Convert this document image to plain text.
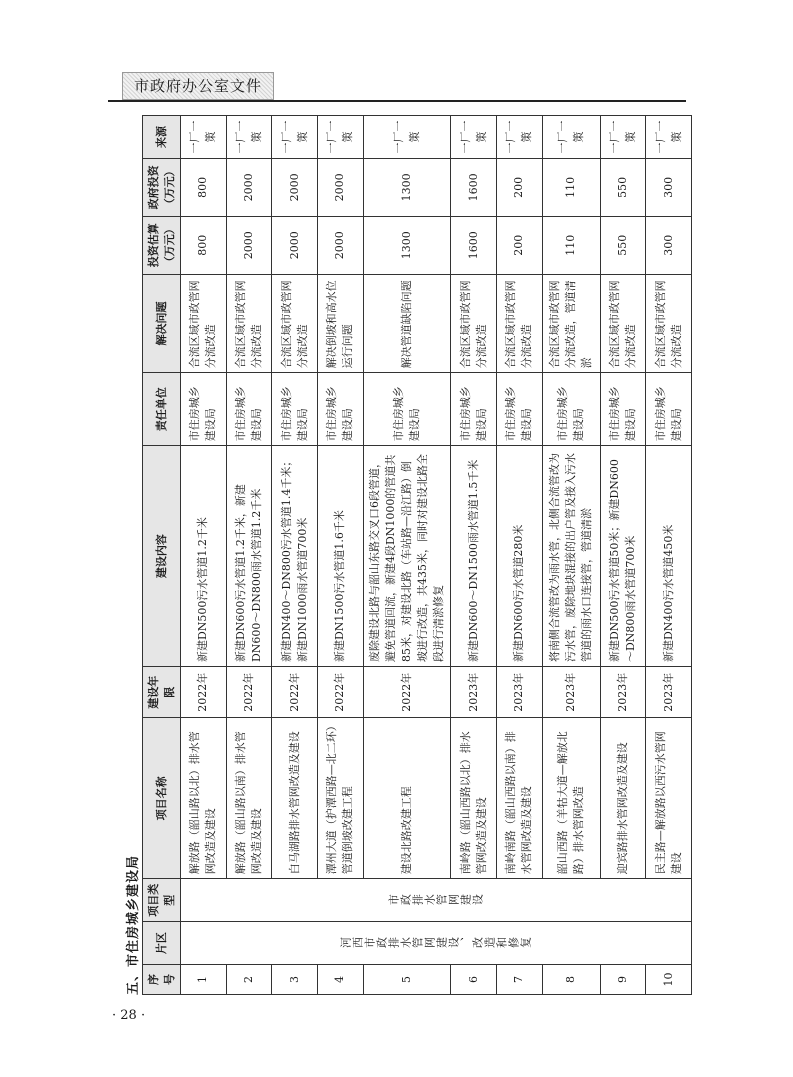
市政府办公室文件
· 28 ·
五、市住房城乡建设局 序号	片区	项目类型	项目名称	建设年限	建设内容	责任单位	解决问题	投资估算（万元）	政府投资（万元）	来源
1	河西市政排水管网建设、改造和修复	市政排水管网建设	解放路（韶山路以北）排水管网改造及建设	2022年	新建DN500污水管道1.2千米	市住房城乡建设局	合流区域市政管网分流改造	800	800	一厂一策
2			解放路（韶山路以南）排水管网改造及建设	2022年	新建DN600污水管道1.2千米，新建DN600～DN800雨水管道1.2千米	市住房城乡建设局	合流区域市政管网分流改造	2000	2000	一厂一策
3			白马湖路排水管网改造及建设	2022年	新建DN400～DN800污水管道1.4千米；新建DN1000雨水管道700米	市住房城乡建设局	合流区域市政管网分流改造	2000	2000	一厂一策
4			潭州大道（护潭西路—北二环）管道倒坡改建工程	2022年	新建DN1500污水管道1.6千米	市住房城乡建设局	解决倒坡和高水位运行问题	2000	2000	一厂一策
5			建设北路改建工程	2022年	废除建设北路与韶山东路交叉口6段管道，避免管道回流，新建4段DN1000的管道共85米，对建设北路（车站路—沿江路）倒坡进行改造，共435米，同时对建设北路全段进行清淤修复	市住房城乡建设局	解决管道缺陷问题	1300	1300	一厂一策
6			南岭路（韶山西路以北）排水管网改造及建设	2023年	新建DN600～DN1500雨水管道1.5千米	市住房城乡建设局	合流区域市政管网分流改造	1600	1600	一厂一策
7			南岭南路（韶山西路以南）排水管网改造及建设	2023年	新建DN600污水管道280米	市住房城乡建设局	合流区域市政管网分流改造	200	200	一厂一策
8			韶山西路（羊牯大道—解放北路）排水管网改造	2023年	将南侧合流管改为雨水管，北侧合流管改为污水管，废除地块混接的出户管及接入污水管道的雨水口连接管，管道清淤	市住房城乡建设局	合流区域市政管网分流改造，管道清淤	110	110	一厂一策
9			迎宾路排水管网改造及建设	2023年	新建DN500污水管道50米；新建DN600～DN800雨水管道700米	市住房城乡建设局	合流区域市政管网分流改造	550	550	一厂一策
10			民主路—解放路以西污水管网建设	2023年	新建DN400污水管道450米	市住房城乡建设局	合流区域市政管网分流改造	300	300	一厂一策
